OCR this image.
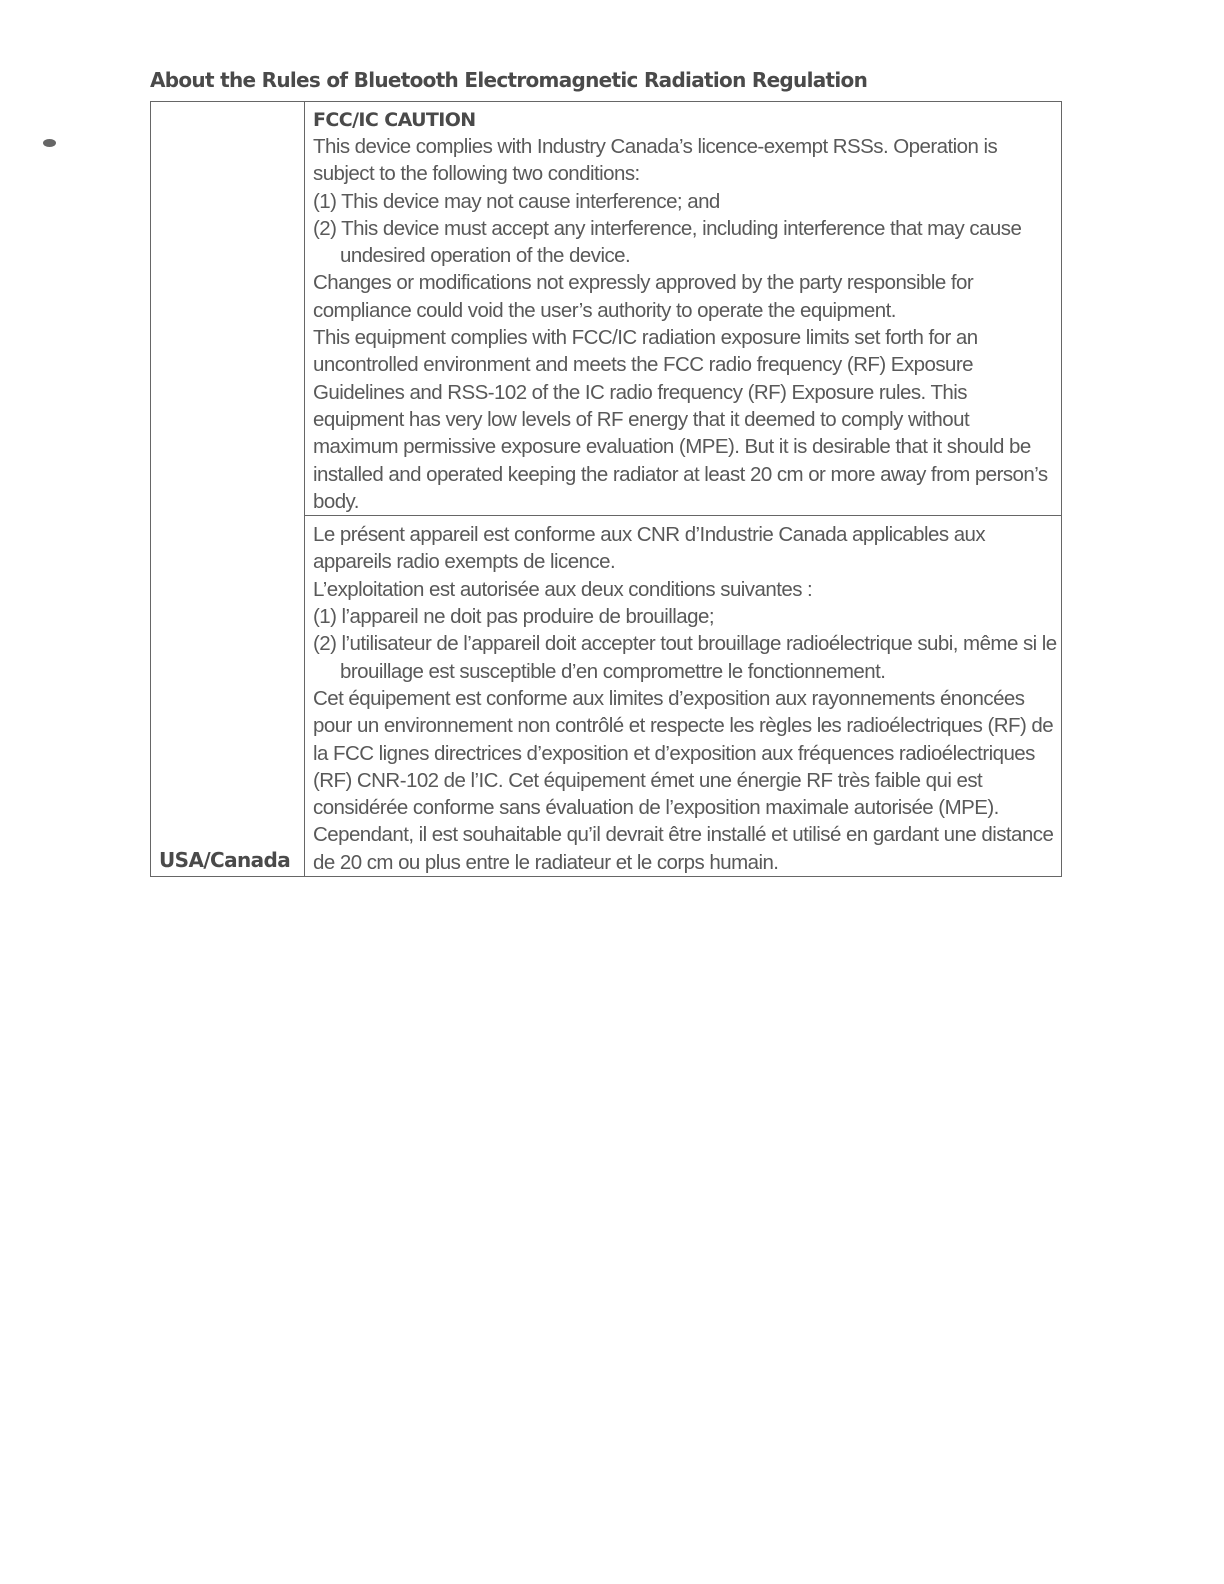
About the Rules of Bluetooth Electromagnetic Radiation Regulation
USA/Canada

FCC/IC CAUTION

This device complies with Industry Canada’s licence-exempt RSSs. Operation is subject to the following two conditions:

(1) This device may not cause interference; and

(2) This device must accept any interference, including interference that may cause undesired operation of the device.

Changes or modifications not expressly approved by the party responsible for compliance could void the user’s authority to operate the equipment.

This equipment complies with FCC/IC radiation exposure limits set forth for an uncontrolled environment and meets the FCC radio frequency (RF) Exposure Guidelines and RSS-102 of the IC radio frequency (RF) Exposure rules. This equipment has very low levels of RF energy that it deemed to comply without maximum permissive exposure evaluation (MPE). But it is desirable that it should be installed and operated keeping the radiator at least 20 cm or more away from person’s body.

Le présent appareil est conforme aux CNR d’Industrie Canada applicables aux appareils radio exempts de licence.

L’exploitation est autorisée aux deux conditions suivantes :

(1) l’appareil ne doit pas produire de brouillage;

(2) l’utilisateur de l’appareil doit accepter tout brouillage radioélectrique subi, même si le brouillage est susceptible d’en compromettre le fonctionnement.

Cet équipement est conforme aux limites d’exposition aux rayonnements énoncées pour un environnement non contrôlé et respecte les règles les radioélectriques (RF) de la FCC lignes directrices d’exposition et d’exposition aux fréquences radioélectriques (RF) CNR-102 de l’IC. Cet équipement émet une énergie RF très faible qui est considérée conforme sans évaluation de l’exposition maximale autorisée (MPE). Cependant, il est souhaitable qu’il devrait être installé et utilisé en gardant une distance de 20 cm ou plus entre le radiateur et le corps humain.
